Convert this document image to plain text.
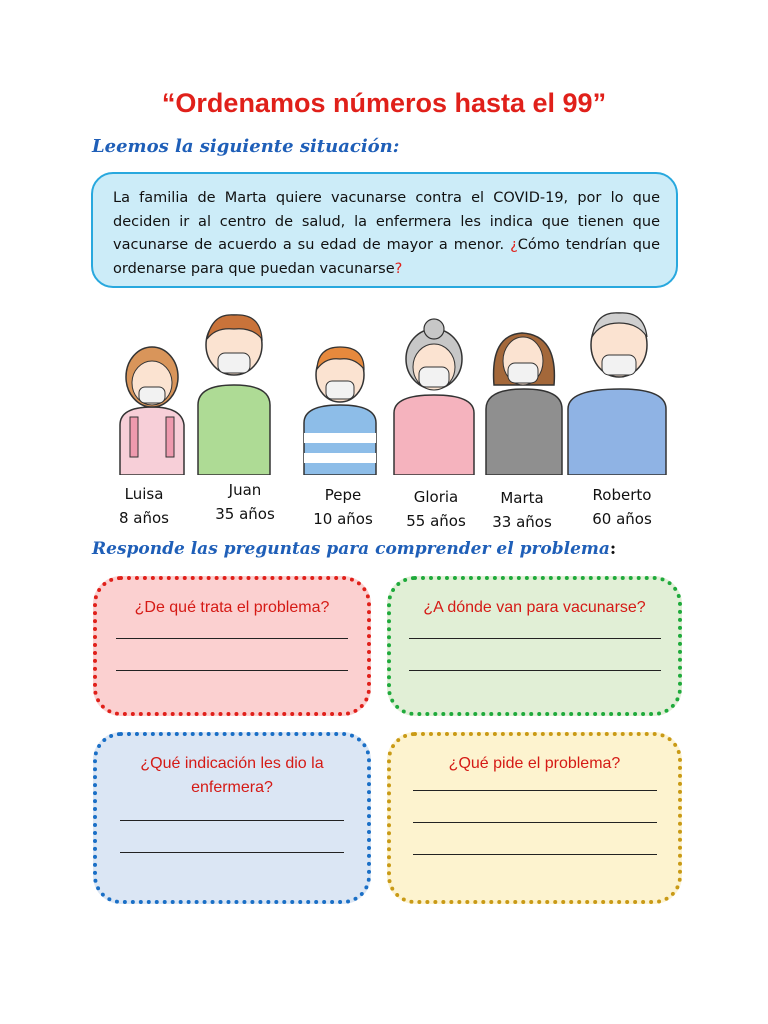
“Ordenamos números hasta el 99”
Leemos la siguiente situación:
La familia de Marta quiere vacunarse contra el COVID-19, por lo que deciden ir al centro de salud, la enfermera les indica que tienen que vacunarse de acuerdo a su edad de mayor a menor. ¿Cómo tendrían que ordenarse para que puedan vacunarse?
Luisa
8 años
Juan
35 años
Pepe
10 años
Gloria
55 años
Marta
33 años
Roberto
60 años
Responde las preguntas para comprender el problema:
¿De qué trata el problema?	¿A dónde van para vacunarse?
¿Qué indicación les dio la enfermera?
¿Qué pide el problema?
